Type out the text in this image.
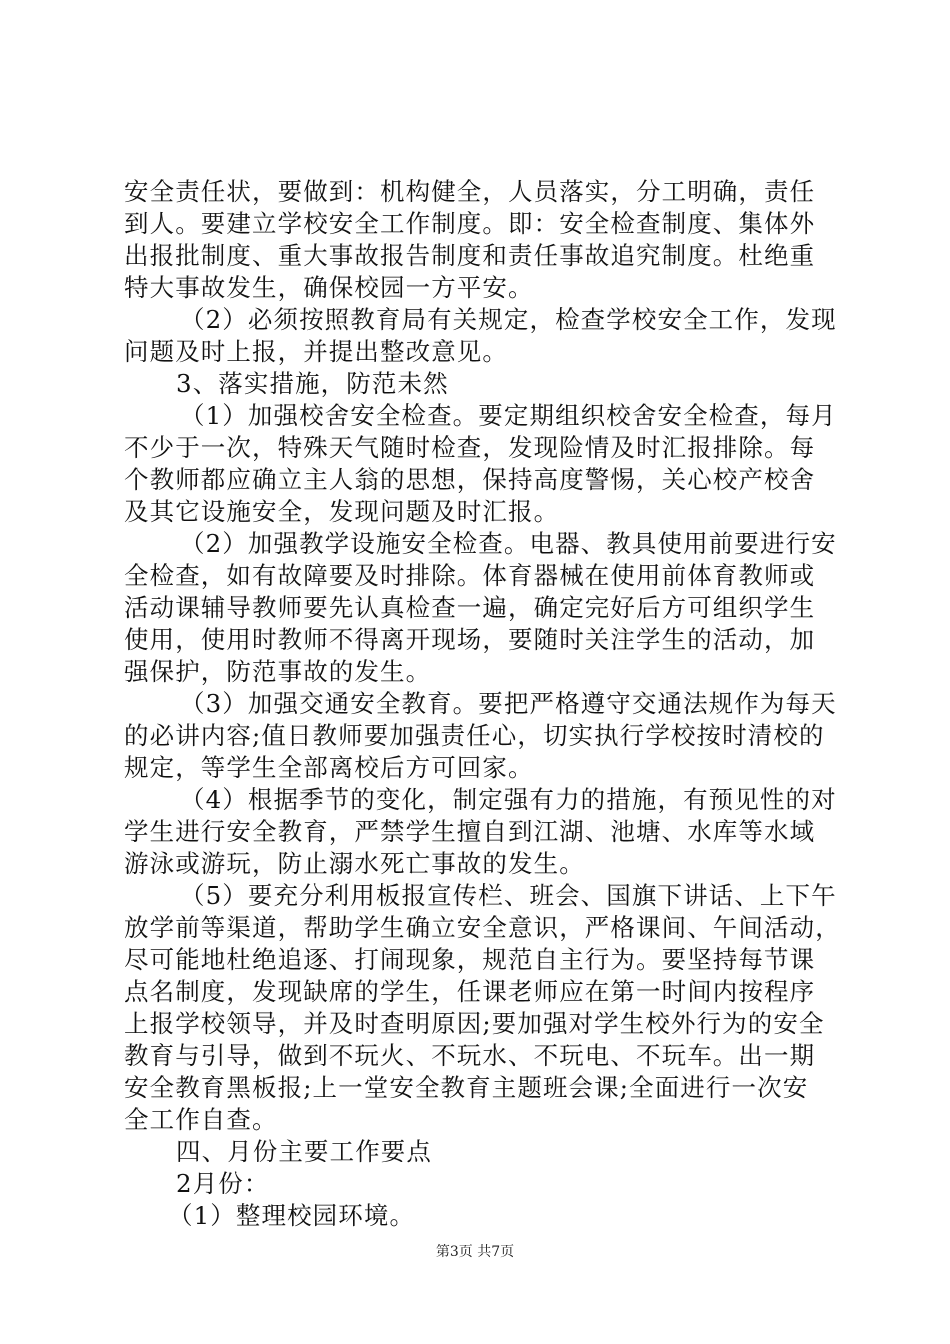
安全责任状，要做到：机构健全，人员落实，分工明确，责任
到人。要建立学校安全工作制度。即：安全检查制度、集体外
出报批制度、重大事故报告制度和责任事故追究制度。杜绝重
特大事故发生，确保校园一方平安。
（2）必须按照教育局有关规定，检查学校安全工作，发现
问题及时上报，并提出整改意见。
3、落实措施，防范未然
（1）加强校舍安全检查。要定期组织校舍安全检查，每月
不少于一次，特殊天气随时检查，发现险情及时汇报排除。每
个教师都应确立主人翁的思想，保持高度警惕，关心校产校舍
及其它设施安全，发现问题及时汇报。
（2）加强教学设施安全检查。电器、教具使用前要进行安
全检查，如有故障要及时排除。体育器械在使用前体育教师或
活动课辅导教师要先认真检查一遍，确定完好后方可组织学生
使用，使用时教师不得离开现场，要随时关注学生的活动，加
强保护，防范事故的发生。
（3）加强交通安全教育。要把严格遵守交通法规作为每天
的必讲内容;值日教师要加强责任心，切实执行学校按时清校的
规定，等学生全部离校后方可回家。
（4）根据季节的变化，制定强有力的措施，有预见性的对
学生进行安全教育，严禁学生擅自到江湖、池塘、水库等水域
游泳或游玩，防止溺水死亡事故的发生。
（5）要充分利用板报宣传栏、班会、国旗下讲话、上下午
放学前等渠道，帮助学生确立安全意识，严格课间、午间活动，
尽可能地杜绝追逐、打闹现象，规范自主行为。要坚持每节课
点名制度，发现缺席的学生，任课老师应在第一时间内按程序
上报学校领导，并及时查明原因;要加强对学生校外行为的安全
教育与引导，做到不玩火、不玩水、不玩电、不玩车。出一期
安全教育黑板报;上一堂安全教育主题班会课;全面进行一次安
全工作自查。
四、月份主要工作要点
2月份：
（1）整理校园环境。
第3页 共7页
